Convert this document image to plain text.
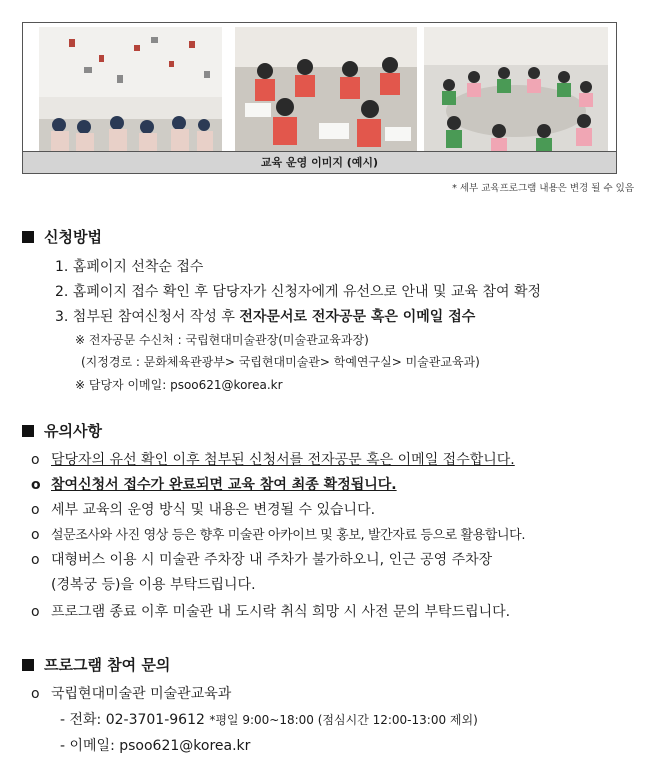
교육 운영 이미지 (예시)
* 세부 교육프로그램 내용은 변경 될 수 있음
신청방법
1. 홈페이지 선착순 접수
2. 홈페이지 접수 확인 후 담당자가 신청자에게 유선으로 안내 및 교육 참여 확정
3. 첨부된 참여신청서 작성 후 전자문서로 전자공문 혹은 이메일 접수
※ 전자공문 수신처 : 국립현대미술관장(미술관교육과장)
(지정경로 : 문화체육관광부> 국립현대미술관> 학예연구실> 미술관교육과)
※ 담당자 이메일: psoo621@korea.kr
유의사항
o 담당자의 유선 확인 이후 첨부된 신청서를 전자공문 혹은 이메일 접수합니다.
o 참여신청서 접수가 완료되면 교육 참여 최종 확정됩니다.
o 세부 교육의 운영 방식 및 내용은 변경될 수 있습니다.
o 설문조사와 사진 영상 등은 향후 미술관 아카이브 및 홍보, 발간자료 등으로 활용합니다.
o 대형버스 이용 시 미술관 주차장 내 주차가 불가하오니, 인근 공영 주차장
(경복궁 등)을 이용 부탁드립니다.
o 프로그램 종료 이후 미술관 내 도시락 취식 희망 시 사전 문의 부탁드립니다.
프로그램 참여 문의
o 국립현대미술관 미술관교육과
- 전화: 02-3701-9612 *평일 9:00~18:00 (점심시간 12:00-13:00 제외)
- 이메일: psoo621@korea.kr
